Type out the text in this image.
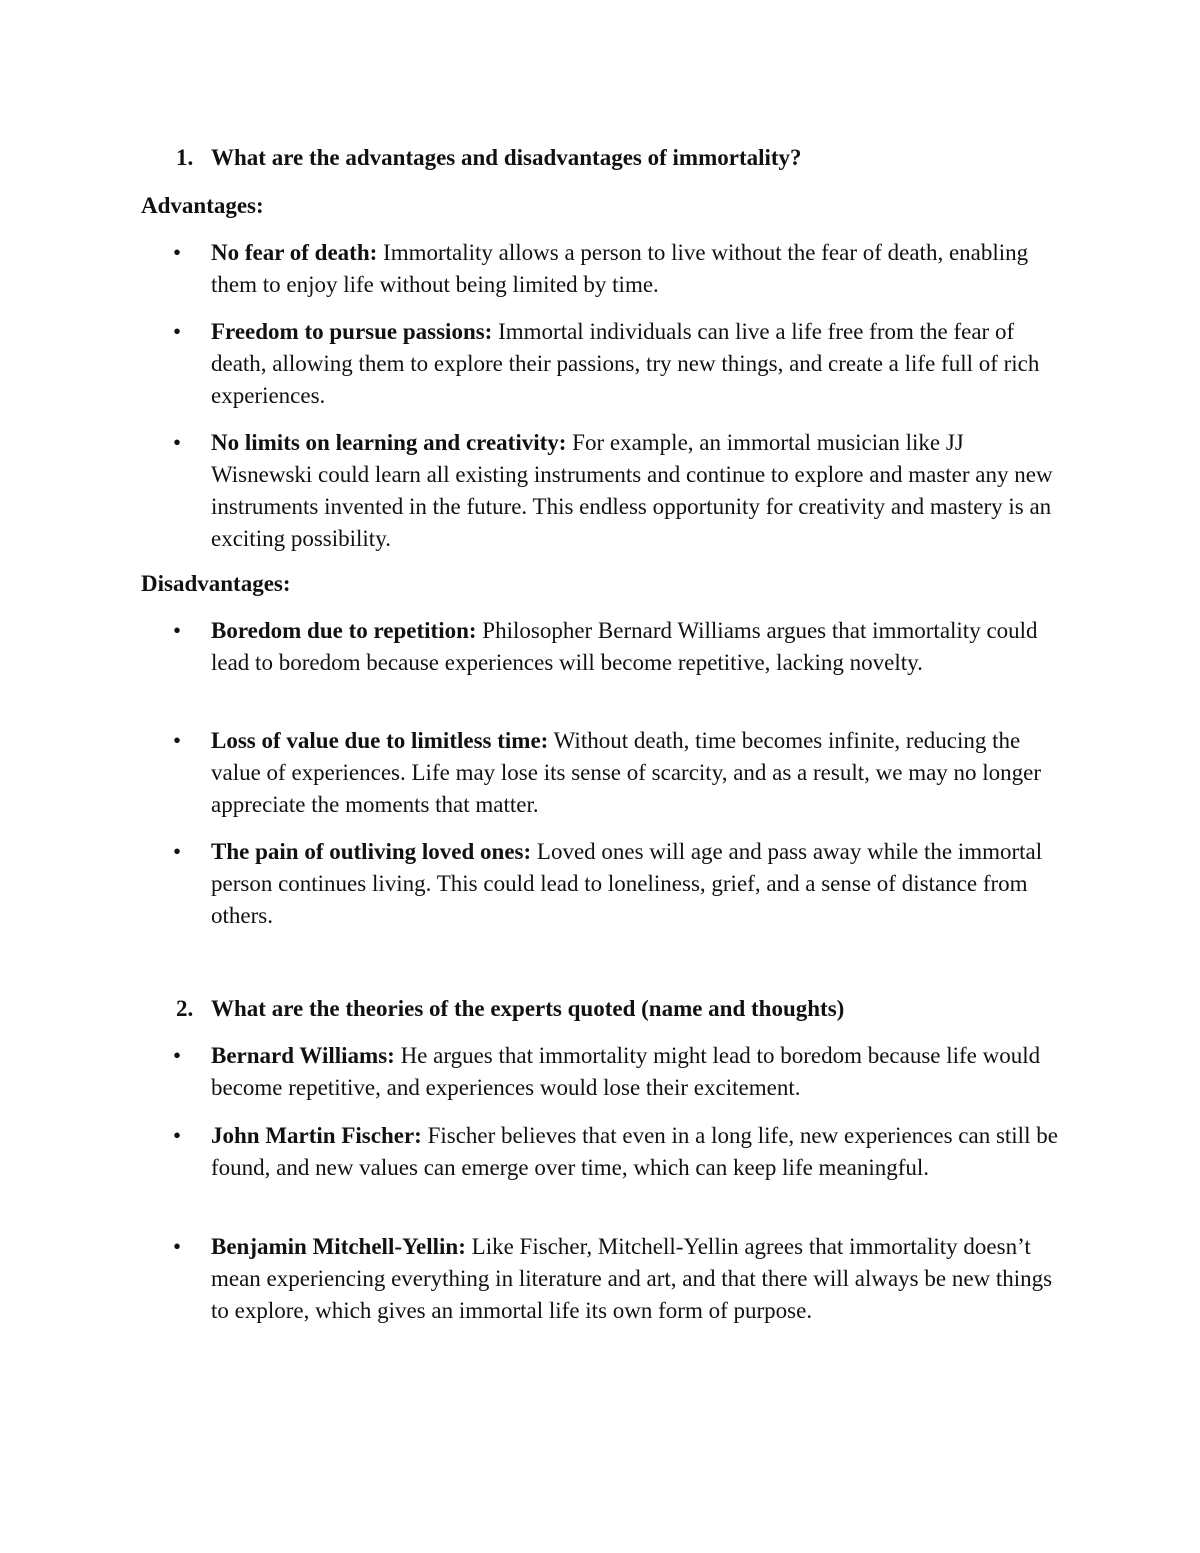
1. What are the advantages and disadvantages of immortality?
Advantages:
•	No fear of death: Immortality allows a person to live without the fear of death, enabling them to enjoy life without being limited by time.
•	Freedom to pursue passions: Immortal individuals can live a life free from the fear of death, allowing them to explore their passions, try new things, and create a life full of rich experiences.
•	No limits on learning and creativity: For example, an immortal musician like JJ Wisnewski could learn all existing instruments and continue to explore and master any new instruments invented in the future. This endless opportunity for creativity and mastery is an exciting possibility.
Disadvantages:
•	Boredom due to repetition: Philosopher Bernard Williams argues that immortality could lead to boredom because experiences will become repetitive, lacking novelty.
•	Loss of value due to limitless time: Without death, time becomes infinite, reducing the value of experiences. Life may lose its sense of scarcity, and as a result, we may no longer appreciate the moments that matter.
•	The pain of outliving loved ones: Loved ones will age and pass away while the immortal person continues living. This could lead to loneliness, grief, and a sense of distance from others.
2. What are the theories of the experts quoted (name and thoughts)
•	Bernard Williams: He argues that immortality might lead to boredom because life would become repetitive, and experiences would lose their excitement.
•	John Martin Fischer: Fischer believes that even in a long life, new experiences can still be found, and new values can emerge over time, which can keep life meaningful.
•	Benjamin Mitchell-Yellin: Like Fischer, Mitchell-Yellin agrees that immortality doesn’t mean experiencing everything in literature and art, and that there will always be new things to explore, which gives an immortal life its own form of purpose.
